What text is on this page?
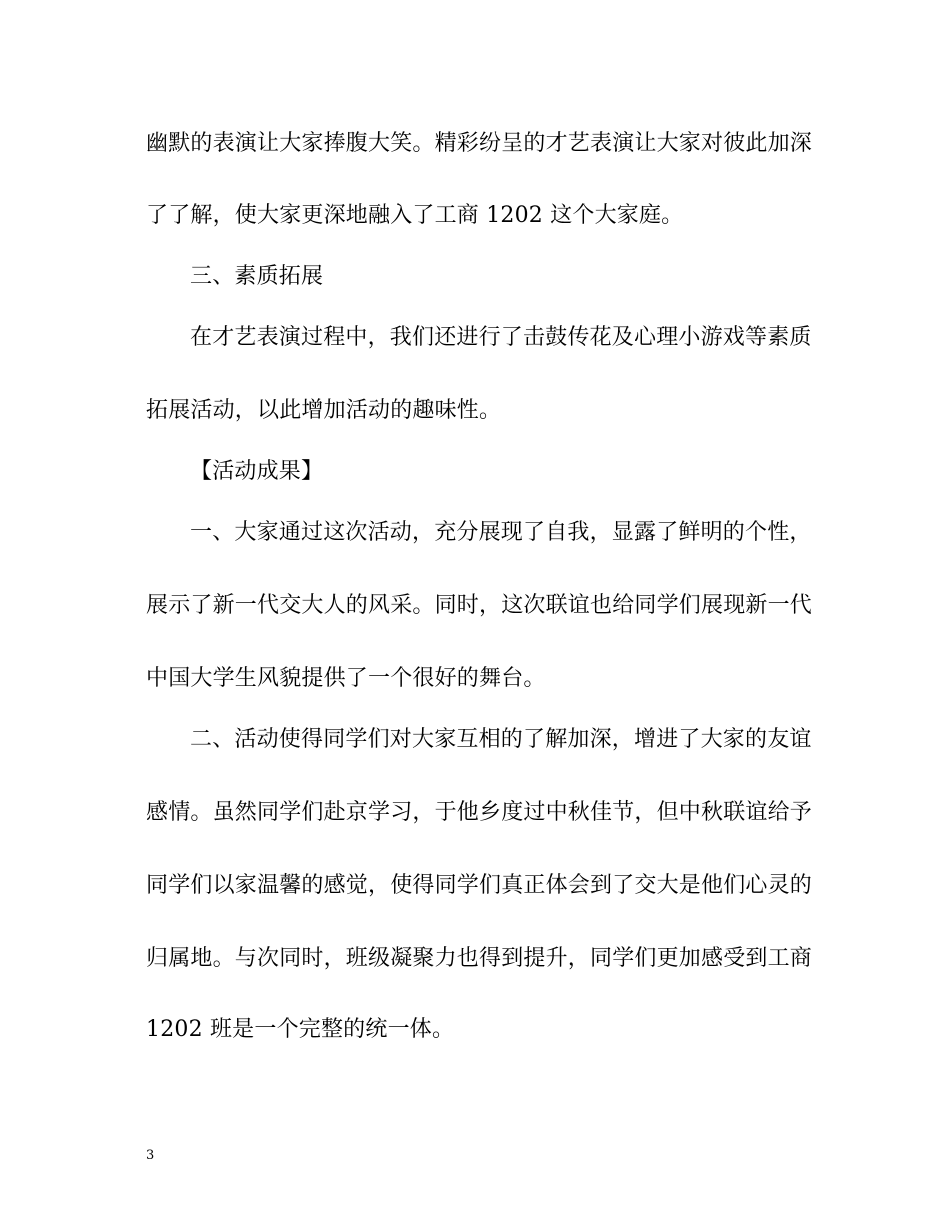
幽默的表演让大家捧腹大笑。精彩纷呈的才艺表演让大家对彼此加深
了了解，使大家更深地融入了工商 1202 这个大家庭。
三、素质拓展
在才艺表演过程中，我们还进行了击鼓传花及心理小游戏等素质
拓展活动，以此增加活动的趣味性。
【活动成果】
一、大家通过这次活动，充分展现了自我，显露了鲜明的个性，
展示了新一代交大人的风采。同时，这次联谊也给同学们展现新一代
中国大学生风貌提供了一个很好的舞台。
二、活动使得同学们对大家互相的了解加深，增进了大家的友谊
感情。虽然同学们赴京学习，于他乡度过中秋佳节，但中秋联谊给予
同学们以家温馨的感觉，使得同学们真正体会到了交大是他们心灵的
归属地。与次同时，班级凝聚力也得到提升，同学们更加感受到工商
1202 班是一个完整的统一体。
3
